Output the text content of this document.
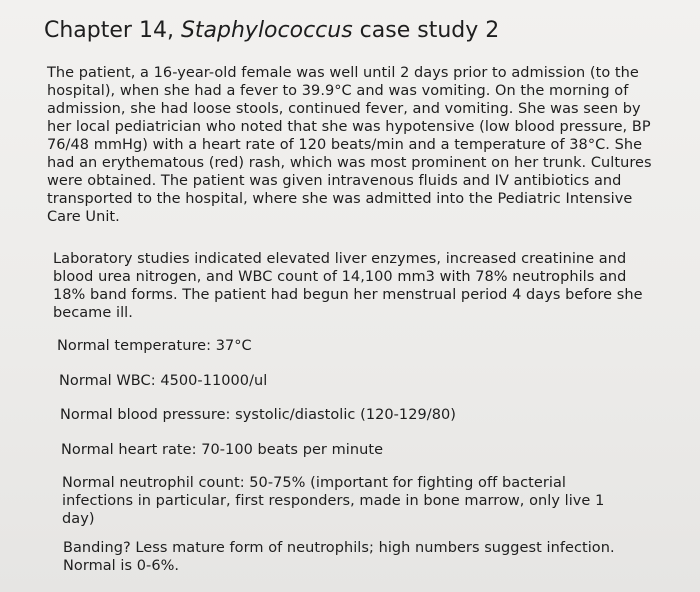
Chapter 14, Staphylococcus case study 2

The patient, a 16-year-old female was well until 2 days prior to admission (to the hospital), when she had a fever to 39.9°C and was vomiting. On the morning of admission, she had loose stools, continued fever, and vomiting. She was seen by her local pediatrician who noted that she was hypotensive (low blood pressure, BP 76/48 mmHg) with a heart rate of 120 beats/min and a temperature of 38°C. She had an erythematous (red) rash, which was most prominent on her trunk. Cultures were obtained. The patient was given intravenous fluids and IV antibiotics and transported to the hospital, where she was admitted into the Pediatric Intensive Care Unit.

Laboratory studies indicated elevated liver enzymes, increased creatinine and blood urea nitrogen, and WBC count of 14,100 mm3 with 78% neutrophils and 18% band forms. The patient had begun her menstrual period 4 days before she became ill.

Normal temperature: 37°C

Normal WBC: 4500-11000/ul

Normal blood pressure: systolic/diastolic (120-129/80)

Normal heart rate: 70-100 beats per minute

Normal neutrophil count: 50-75% (important for fighting off bacterial infections in particular, first responders, made in bone marrow, only live 1 day)

Banding? Less mature form of neutrophils; high numbers suggest infection. Normal is 0-6%.
